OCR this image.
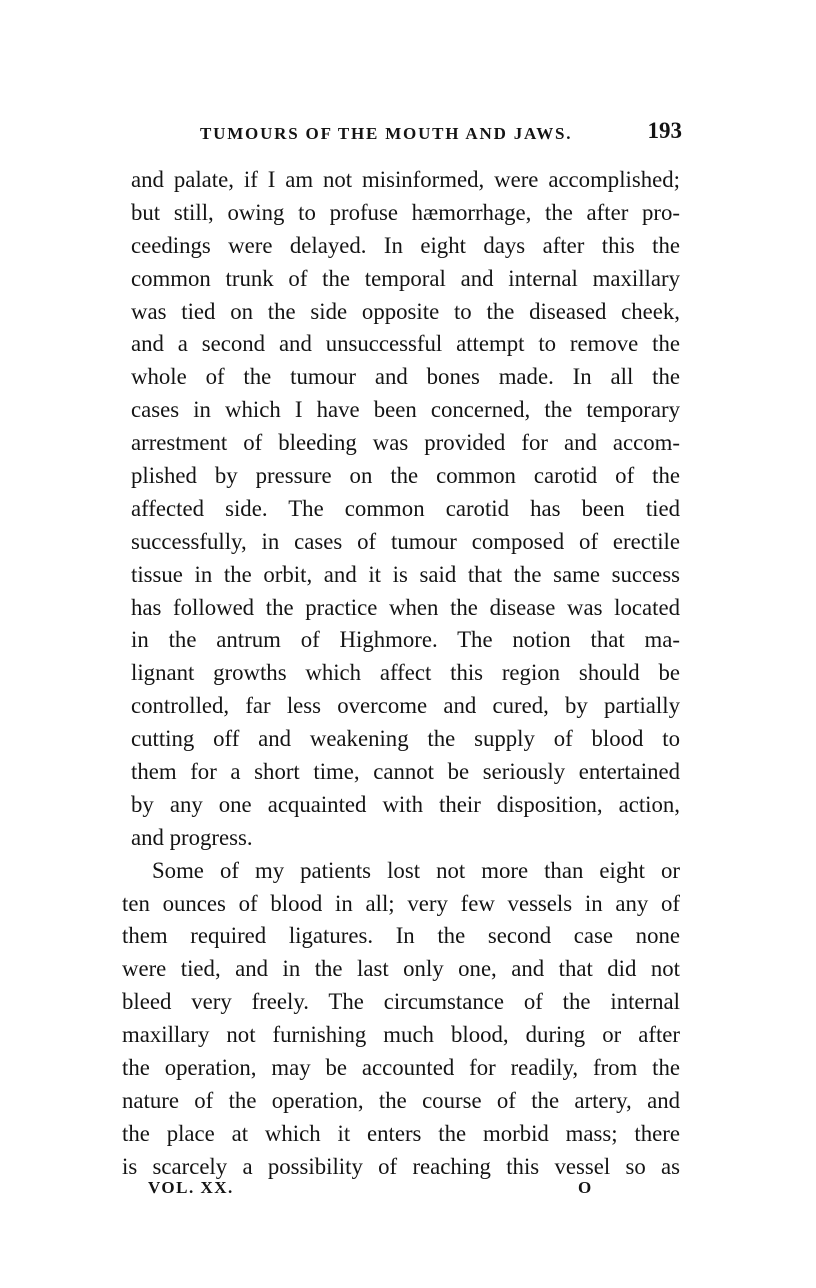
TUMOURS OF THE MOUTH AND JAWS.	193
and palate, if I am not misinformed, were accomplished;
but still, owing to profuse hæmorrhage, the after pro-
ceedings were delayed. In eight days after this the
common trunk of the temporal and internal maxillary
was tied on the side opposite to the diseased cheek,
and a second and unsuccessful attempt to remove the
whole of the tumour and bones made. In all the
cases in which I have been concerned, the temporary
arrestment of bleeding was provided for and accom-
plished by pressure on the common carotid of the
affected side. The common carotid has been tied
successfully, in cases of tumour composed of erectile
tissue in the orbit, and it is said that the same success
has followed the practice when the disease was located
in the antrum of Highmore. The notion that ma-
lignant growths which affect this region should be
controlled, far less overcome and cured, by partially
cutting off and weakening the supply of blood to
them for a short time, cannot be seriously entertained
by any one acquainted with their disposition, action,
and progress.
Some of my patients lost not more than eight or
ten ounces of blood in all; very few vessels in any of
them required ligatures. In the second case none
were tied, and in the last only one, and that did not
bleed very freely. The circumstance of the internal
maxillary not furnishing much blood, during or after
the operation, may be accounted for readily, from the
nature of the operation, the course of the artery, and
the place at which it enters the morbid mass; there
is scarcely a possibility of reaching this vessel so as
VOL. XX.	O
